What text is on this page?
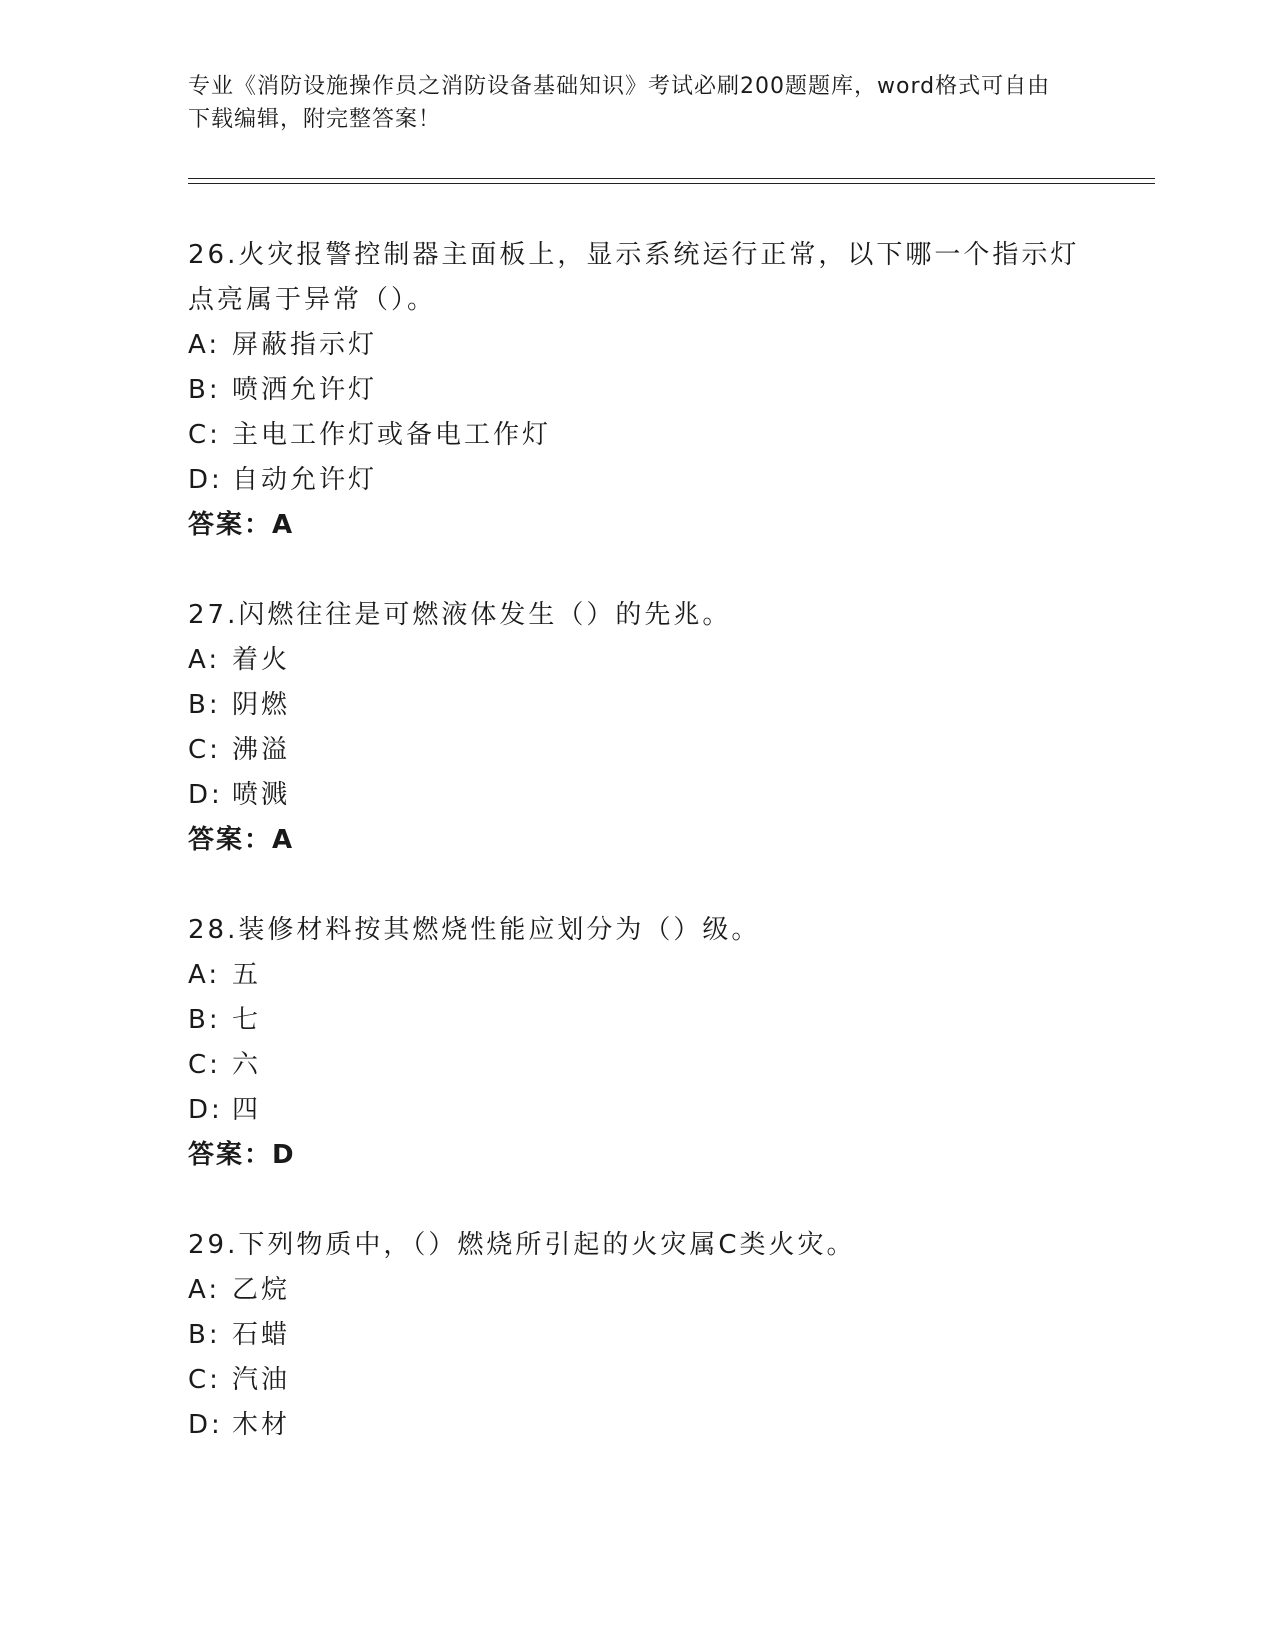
专业《消防设施操作员之消防设备基础知识》考试必刷200题题库，word格式可自由下载编辑，附完整答案！
26.火灾报警控制器主面板上，显示系统运行正常，以下哪一个指示灯点亮属于异常（）。
A: 屏蔽指示灯
B: 喷洒允许灯
C: 主电工作灯或备电工作灯
D: 自动允许灯
答案：A
27.闪燃往往是可燃液体发生（）的先兆。
A: 着火
B: 阴燃
C: 沸溢
D: 喷溅
答案：A
28.装修材料按其燃烧性能应划分为（）级。
A: 五
B: 七
C: 六
D: 四
答案：D
29.下列物质中，（）燃烧所引起的火灾属C类火灾。
A: 乙烷
B: 石蜡
C: 汽油
D: 木材
